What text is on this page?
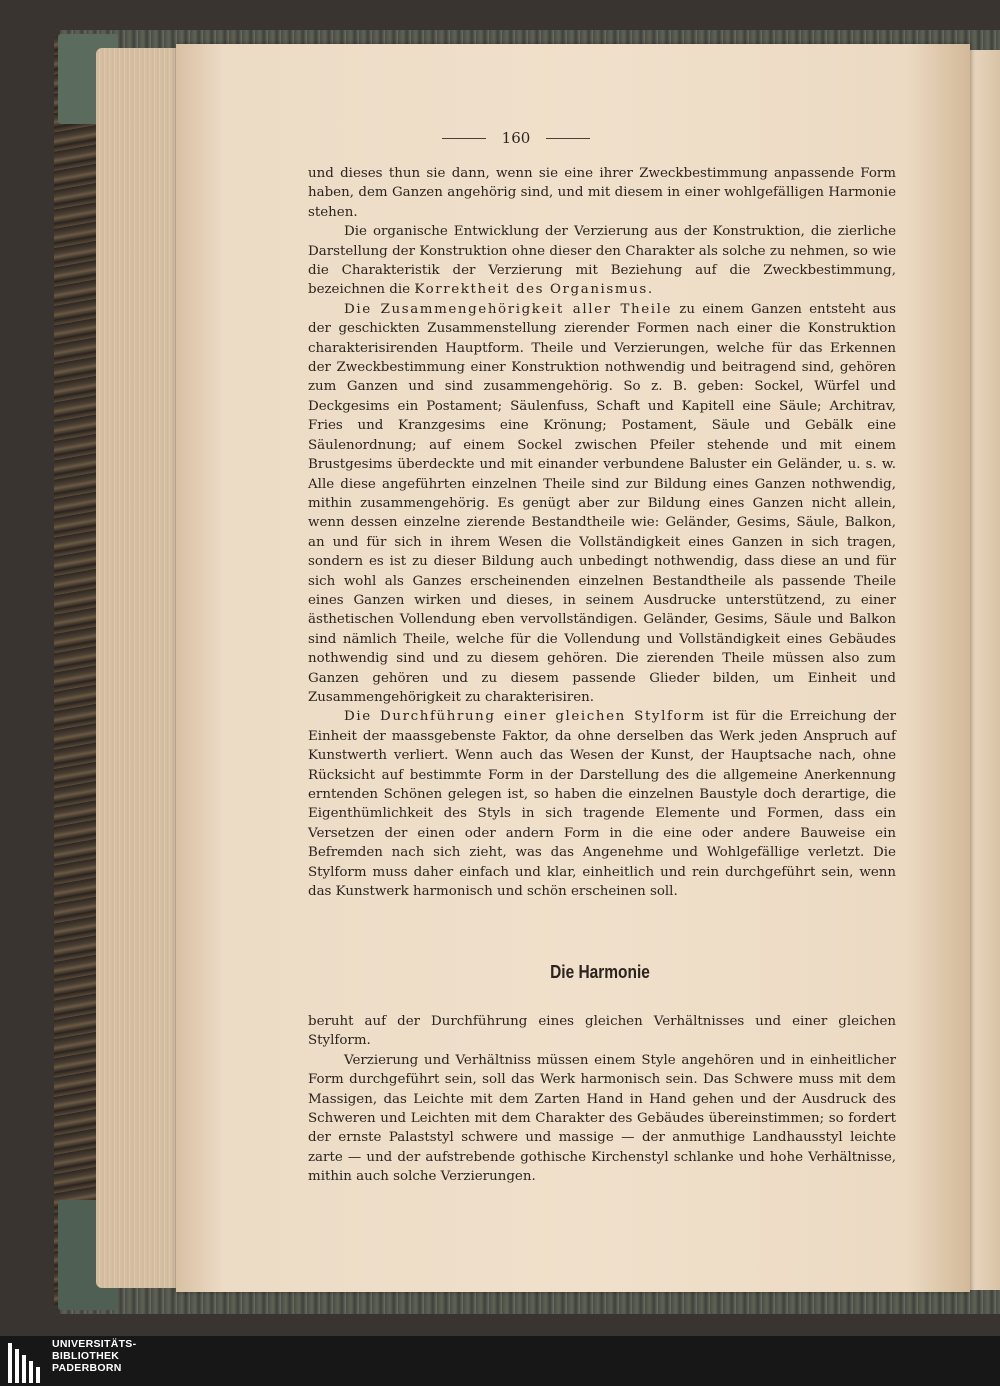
160

und dieses thun sie dann, wenn sie eine ihrer Zweckbestimmung anpassende Form haben, dem Ganzen angehörig sind, und mit diesem in einer wohlgefälligen Harmonie stehen.

Die organische Entwicklung der Verzierung aus der Konstruktion, die zierliche Darstellung der Konstruktion ohne dieser den Charakter als solche zu nehmen, so wie die Charakteristik der Verzierung mit Beziehung auf die Zweckbestimmung, bezeichnen die Korrektheit des Organismus.

Die Zusammengehörigkeit aller Theile zu einem Ganzen entsteht aus der geschickten Zusammenstellung zierender Formen nach einer die Konstruktion charakterisirenden Hauptform. Theile und Verzierungen, welche für das Erkennen der Zweckbestimmung einer Konstruktion nothwendig und beitragend sind, gehören zum Ganzen und sind zusammengehörig. So z. B. geben: Sockel, Würfel und Deckgesims ein Postament; Säulenfuss, Schaft und Kapitell eine Säule; Architrav, Fries und Kranzgesims eine Krönung; Postament, Säule und Gebälk eine Säulenordnung; auf einem Sockel zwischen Pfeiler stehende und mit einem Brustgesims überdeckte und mit einander verbundene Baluster ein Geländer, u. s. w. Alle diese angeführten einzelnen Theile sind zur Bildung eines Ganzen nothwendig, mithin zusammengehörig. Es genügt aber zur Bildung eines Ganzen nicht allein, wenn dessen einzelne zierende Bestandtheile wie: Geländer, Gesims, Säule, Balkon, an und für sich in ihrem Wesen die Vollständigkeit eines Ganzen in sich tragen, sondern es ist zu dieser Bildung auch unbedingt nothwendig, dass diese an und für sich wohl als Ganzes erscheinenden einzelnen Bestandtheile als passende Theile eines Ganzen wirken und dieses, in seinem Ausdrucke unterstützend, zu einer ästhetischen Vollendung eben vervollständigen. Geländer, Gesims, Säule und Balkon sind nämlich Theile, welche für die Vollendung und Vollständigkeit eines Gebäudes nothwendig sind und zu diesem gehören. Die zierenden Theile müssen also zum Ganzen gehören und zu diesem passende Glieder bilden, um Einheit und Zusammengehörigkeit zu charakterisiren.

Die Durchführung einer gleichen Stylform ist für die Erreichung der Einheit der maassgebenste Faktor, da ohne derselben das Werk jeden Anspruch auf Kunstwerth verliert. Wenn auch das Wesen der Kunst, der Hauptsache nach, ohne Rücksicht auf bestimmte Form in der Darstellung des die allgemeine Anerkennung erntenden Schönen gelegen ist, so haben die einzelnen Baustyle doch derartige, die Eigenthümlichkeit des Styls in sich tragende Elemente und Formen, dass ein Versetzen der einen oder andern Form in die eine oder andere Bauweise ein Befremden nach sich zieht, was das Angenehme und Wohlgefällige verletzt. Die Stylform muss daher einfach und klar, einheitlich und rein durchgeführt sein, wenn das Kunstwerk harmonisch und schön erscheinen soll.

Die Harmonie

beruht auf der Durchführung eines gleichen Verhältnisses und einer gleichen Stylform.

Verzierung und Verhältniss müssen einem Style angehören und in einheitlicher Form durchgeführt sein, soll das Werk harmonisch sein. Das Schwere muss mit dem Massigen, das Leichte mit dem Zarten Hand in Hand gehen und der Ausdruck des Schweren und Leichten mit dem Charakter des Gebäudes übereinstimmen; so fordert der ernste Palaststyl schwere und massige — der anmuthige Landhausstyl leichte zarte — und der aufstrebende gothische Kirchenstyl schlanke und hohe Verhältnisse, mithin auch solche Verzierungen.

UNIVERSITÄTS-
BIBLIOTHEK
PADERBORN
